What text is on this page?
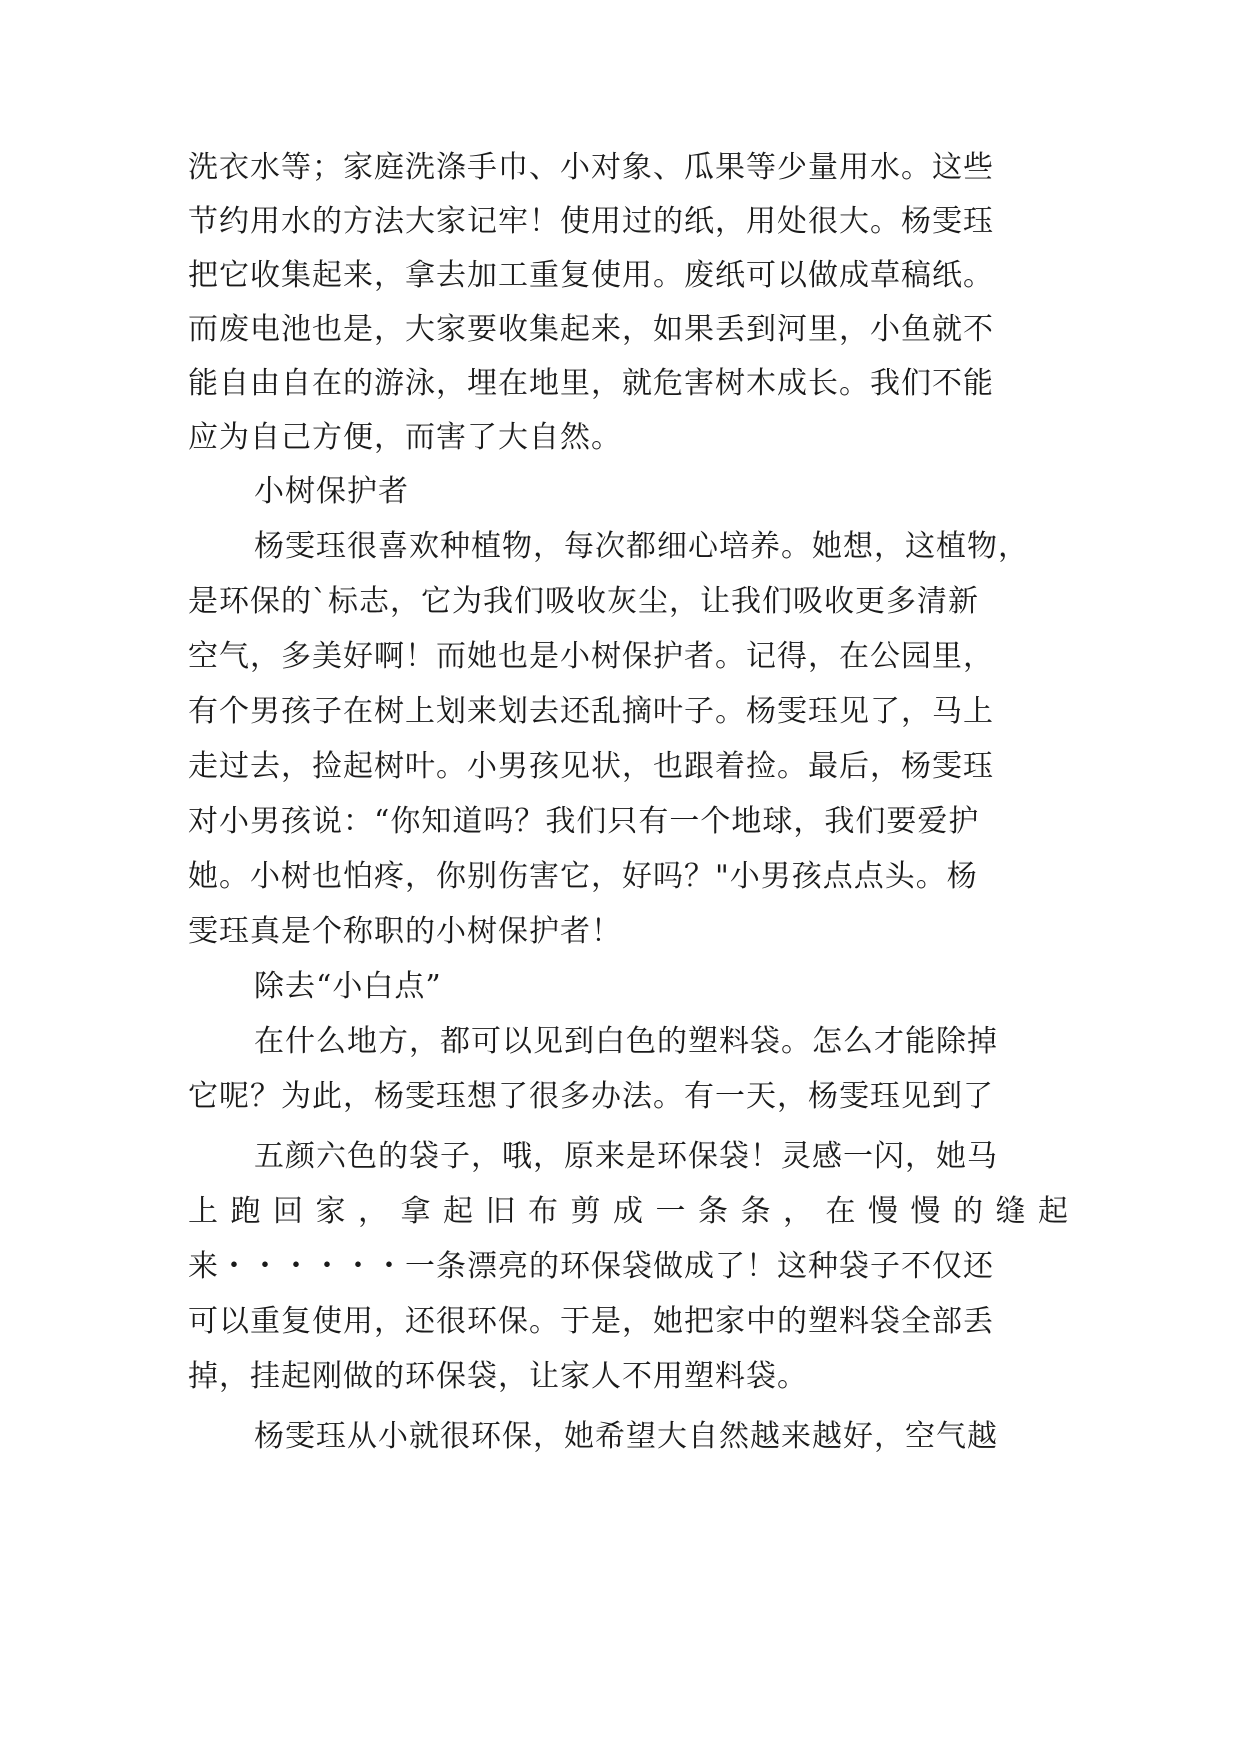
洗衣水等；家庭洗涤手巾、小对象、瓜果等少量用水。这些
节约用水的方法大家记牢！使用过的纸，用处很大。杨雯珏
把它收集起来，拿去加工重复使用。废纸可以做成草稿纸。
而废电池也是，大家要收集起来，如果丢到河里，小鱼就不
能自由自在的游泳，埋在地里，就危害树木成长。我们不能
应为自己方便，而害了大自然。
小树保护者
杨雯珏很喜欢种植物，每次都细心培养。她想，这植物，
是环保的`标志，它为我们吸收灰尘，让我们吸收更多清新
空气，多美好啊！而她也是小树保护者。记得，在公园里，
有个男孩子在树上划来划去还乱摘叶子。杨雯珏见了，马上
走过去，捡起树叶。小男孩见状，也跟着捡。最后，杨雯珏
对小男孩说：“你知道吗？我们只有一个地球，我们要爱护
她。小树也怕疼，你别伤害它，好吗？"小男孩点点头。杨
雯珏真是个称职的小树保护者！
除去“小白点”
在什么地方，都可以见到白色的塑料袋。怎么才能除掉
它呢？为此，杨雯珏想了很多办法。有一天，杨雯珏见到了
五颜六色的袋子，哦，原来是环保袋！灵感一闪，她马
上跑回家，拿起旧布剪成一条条，在慢慢的缝起
来・・・・・・一条漂亮的环保袋做成了！这种袋子不仅还
可以重复使用，还很环保。于是，她把家中的塑料袋全部丢
掉，挂起刚做的环保袋，让家人不用塑料袋。
杨雯珏从小就很环保，她希望大自然越来越好，空气越
